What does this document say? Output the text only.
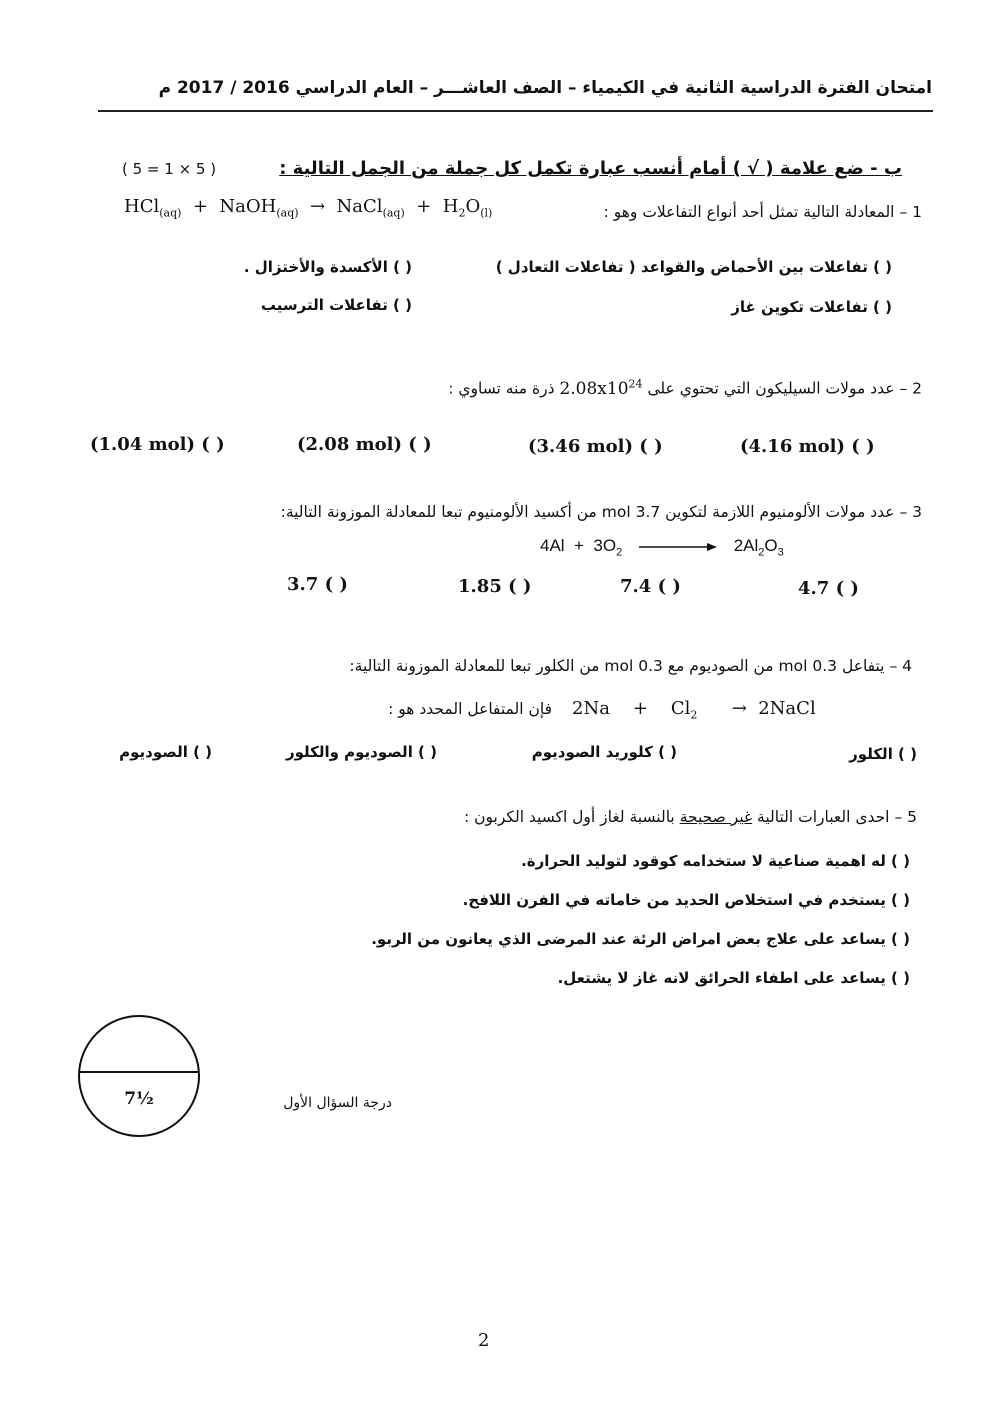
امتحان الفترة الدراسية الثانية في الكيمياء – الصف العاشـــر – العام الدراسي 2016 / 2017 م
ب - ضع علامة ( √ ) أمام أنسب عبارة تكمل كل جملة من الجمل التالية :
( 5 = 1 × 5 )
1 – المعادلة التالية تمثل أحد أنواع التفاعلات وهو :
HCl$_{(aq)}$ + NaOH$_{(aq)}$ → NaCl$_{(aq)}$ + $H_2O_{(l)}$
( ) تفاعلات بين الأحماض والقواعد ( تفاعلات التعادل )
( ) الأكسدة والأختزال .
( ) تفاعلات تكوين غاز
( ) تفاعلات الترسيب
2 – عدد مولات السيليكون التي تحتوي على $2.08x10^{24}$ ذرة منه تساوي :
(4.16 mol) ( )
(3.46 mol) ( )
(2.08 mol) ( )
(1.04 mol) ( )
3 – عدد مولات الألومنيوم اللازمة لتكوين 3.7 mol من أكسيد الألومنيوم تبعا للمعادلة الموزونة التالية:
$4Al + 3O_2$	$2Al_2O_3$
4.7 ( )
7.4 ( )
1.85 ( )
3.7 ( )
4 – يتفاعل 0.3 mol من الصوديوم مع 0.3 mol من الكلور تبعا للمعادلة الموزونة التالية:
فإن المتفاعل المحدد هو : $2Na + Cl_2$ → 2NaCl
( ) الكلور
( ) كلوريد الصوديوم
( ) الصوديوم والكلور
( ) الصوديوم
5 – احدى العبارات التالية غير صحيحة بالنسبة لغاز أول اكسيد الكربون :
( ) له اهمية صناعية لا ستخدامه كوقود لتوليد الحرارة.
( ) يستخدم في استخلاص الحديد من خاماته في الفرن اللافح.
( ) يساعد على علاج بعض امراض الرئة عند المرضى الذي يعانون من الربو.
( ) يساعد على اطفاء الحرائق لانه غاز لا يشتعل.
7½	درجة السؤال الأول
2
